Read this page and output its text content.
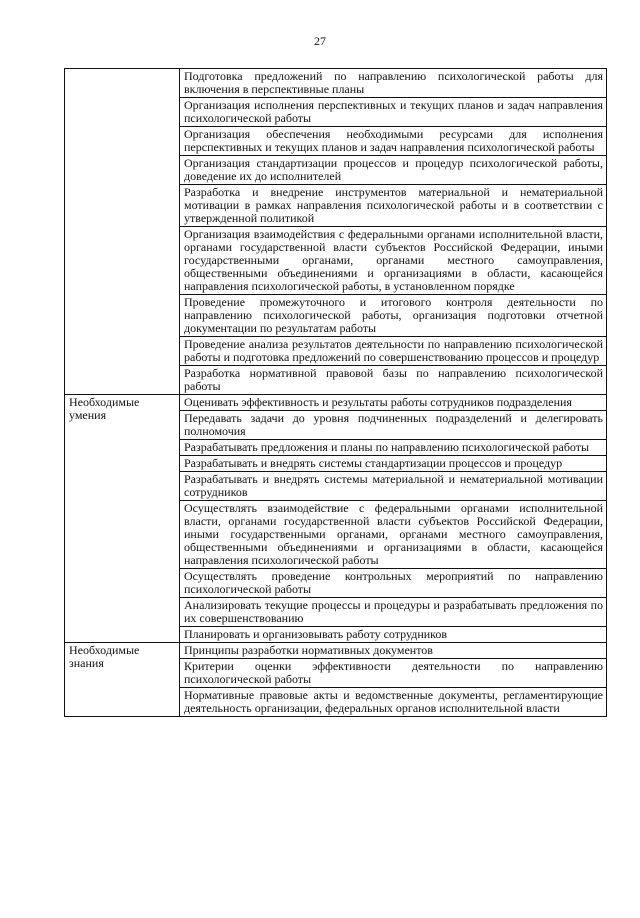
27
	Подготовка предложений по направлению психологической работы для включения в перспективные планы
	Организация исполнения перспективных и текущих планов и задач направления психологической работы
	Организация обеспечения необходимыми ресурсами для исполнения перспективных и текущих планов и задач направления психологической работы
	Организация стандартизации процессов и процедур психологической работы, доведение их до исполнителей
	Разработка и внедрение инструментов материальной и нематериальной мотивации в рамках направления психологической работы и в соответствии с утвержденной политикой
	Организация взаимодействия с федеральными органами исполнительной власти, органами государственной власти субъектов Российской Федерации, иными государственными органами, органами местного самоуправления, общественными объединениями и организациями в области, касающейся направления психологической работы, в установленном порядке
	Проведение промежуточного и итогового контроля деятельности по направлению психологической работы, организация подготовки отчетной документации по результатам работы
	Проведение анализа результатов деятельности по направлению психологической работы и подготовка предложений по совершенствованию процессов и процедур
	Разработка нормативной правовой базы по направлению психологической работы
Необходимые умения	Оценивать эффективность и результаты работы сотрудников подразделения
	Передавать задачи до уровня подчиненных подразделений и делегировать полномочия
	Разрабатывать предложения и планы по направлению психологической работы
	Разрабатывать и внедрять системы стандартизации процессов и процедур
	Разрабатывать и внедрять системы материальной и нематериальной мотивации сотрудников
	Осуществлять взаимодействие с федеральными органами исполнительной власти, органами государственной власти субъектов Российской Федерации, иными государственными органами, органами местного самоуправления, общественными объединениями и организациями в области, касающейся направления психологической работы
	Осуществлять проведение контрольных мероприятий по направлению психологической работы
	Анализировать текущие процессы и процедуры и разрабатывать предложения по их совершенствованию
	Планировать и организовывать работу сотрудников
Необходимые знания	Принципы разработки нормативных документов
	Критерии оценки эффективности деятельности по направлению психологической работы
	Нормативные правовые акты и ведомственные документы, регламентирующие деятельность организации, федеральных органов исполнительной власти
